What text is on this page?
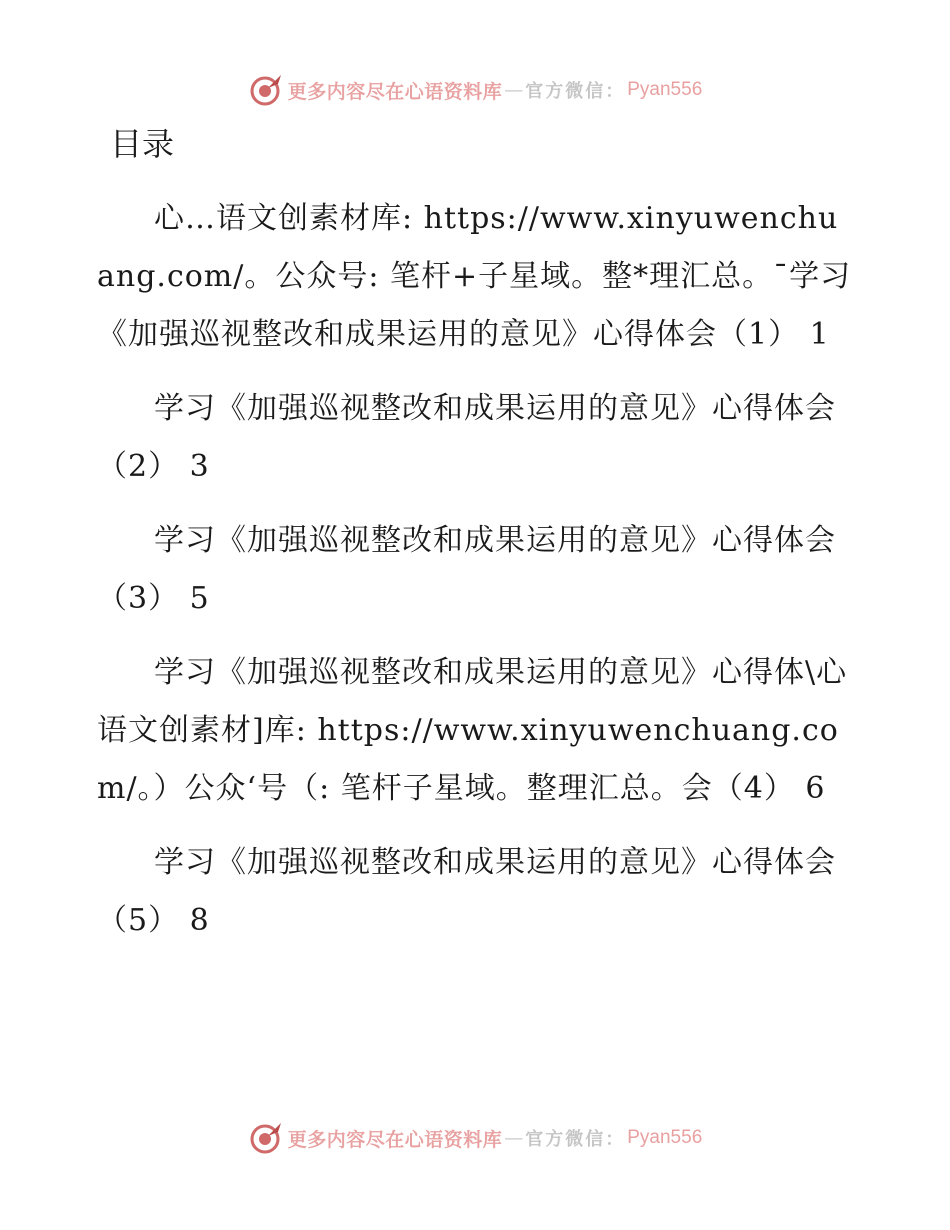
更多内容尽在心语资料库 — 官方微信： Pyan556
目录

心…语文创素材库: https://www.xinyuwenchuang.com/。公众号: 笔杆+子星域。整*理汇总。¯学习《加强巡视整改和成果运用的意见》心得体会（1） 1

学习《加强巡视整改和成果运用的意见》心得体会（2） 3

学习《加强巡视整改和成果运用的意见》心得体会（3） 5

学习《加强巡视整改和成果运用的意见》心得体\心语文创素材]库: https://www.xinyuwenchuang.com/。）公众‘号（: 笔杆子星域。整理汇总。会（4） 6

学习《加强巡视整改和成果运用的意见》心得体会（5） 8

更多内容尽在心语资料库 — 官方微信： Pyan556
